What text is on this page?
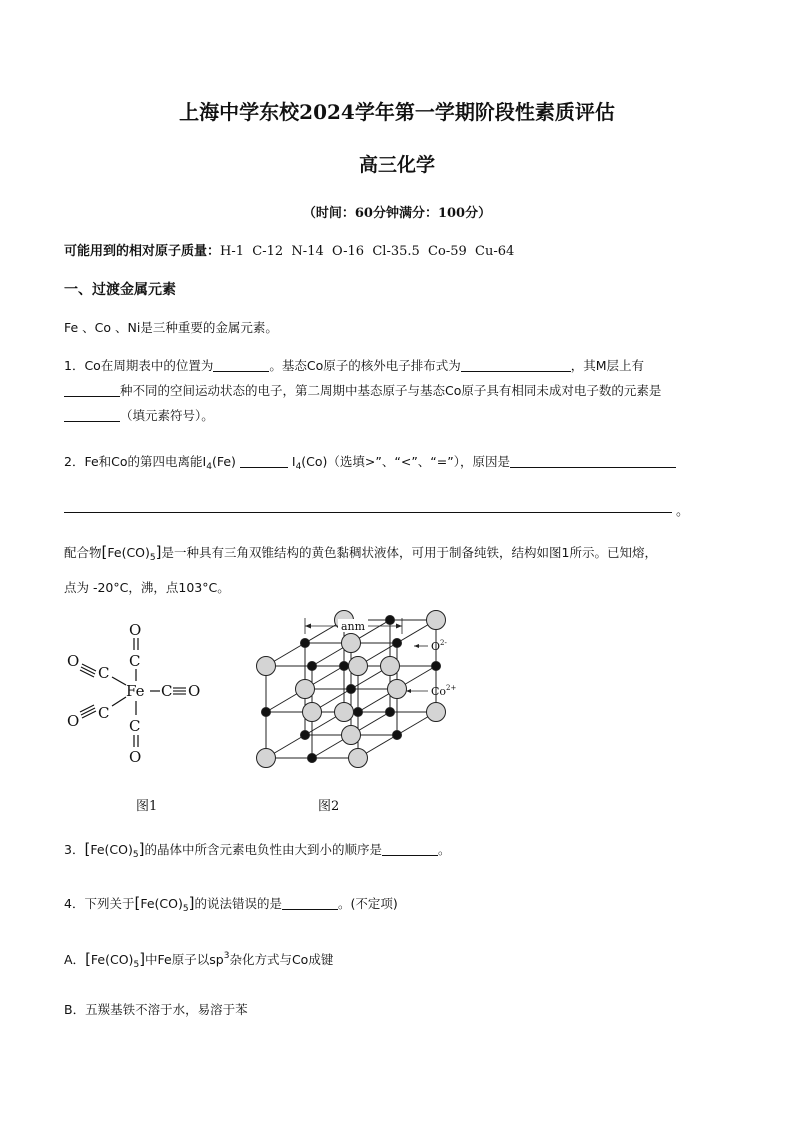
上海中学东校2024学年第一学期阶段性素质评估
高三化学
（时间：60分钟满分：100分）
可能用到的相对原子质量：H-1  C-12  N-14  O-16  Cl-35.5  Co-59  Cu-64
一、过渡金属元素
Fe 、Co 、Ni是三种重要的金属元素。
1．Co在周期表中的位置为	。基态Co原子的核外电子排布式为	，其M层上有
种不同的空间运动状态的电子，第二周期中基态原子与基态Co原子具有相同未成对电子数的元素是
（填元素符号）。
2．Fe和Co的第四电离能$I_4(Fe)$	$I_4(Co)$（选填>”、“<”、“=”），原因是
。
配合物$[Fe(CO)_5]$是一种具有三角双锥结构的黄色黏稠状液体，可用于制备纯铁，结构如图1所示。已知熔，
点为 -20°C，沸，点103°C。
O
C
Fe C O
C
O
C
O	C
O
图1
anm
$O^{2-}$
$Co^{2+}$
图2
3．$[Fe(CO)_5]$的晶体中所含元素电负性由大到小的顺序是	。
4．下列关于$[Fe(CO)_5]$的说法错误的是	。(不定项)
A．$[Fe(CO)_5]$中Fe原子以$sp^3$杂化方式与Co成键
B．五羰基铁不溶于水，易溶于苯
